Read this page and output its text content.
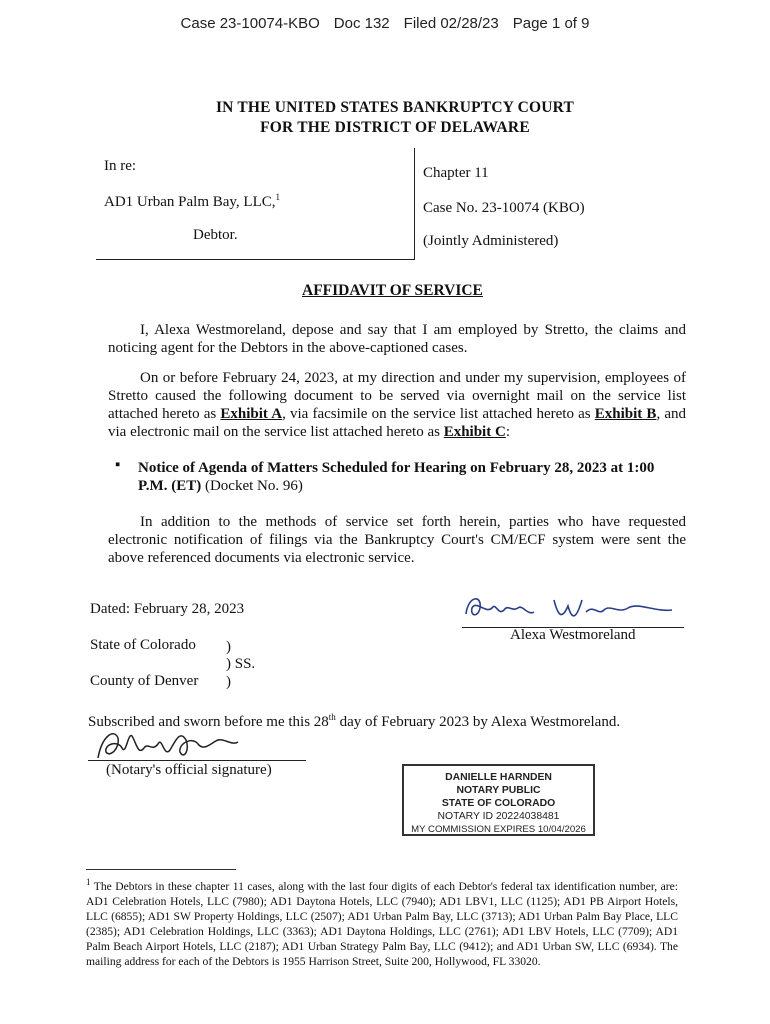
Case 23-10074-KBO Doc 132 Filed 02/28/23 Page 1 of 9
IN THE UNITED STATES BANKRUPTCY COURT
FOR THE DISTRICT OF DELAWARE
In re:
AD1 Urban Palm Bay, LLC,$^1$
Debtor.
Chapter 11
Case No. 23-10074 (KBO)
(Jointly Administered)
AFFIDAVIT OF SERVICE
I, Alexa Westmoreland, depose and say that I am employed by Stretto, the claims and noticing agent for the Debtors in the above-captioned cases.
On or before February 24, 2023, at my direction and under my supervision, employees of Stretto caused the following document to be served via overnight mail on the service list attached hereto as Exhibit A, via facsimile on the service list attached hereto as Exhibit B, and via electronic mail on the service list attached hereto as Exhibit C:
▪ Notice of Agenda of Matters Scheduled for Hearing on February 28, 2023 at 1:00 P.M. (ET) (Docket No. 96)
In addition to the methods of service set forth herein, parties who have requested electronic notification of filings via the Bankruptcy Court's CM/ECF system were sent the above referenced documents via electronic service.
Dated: February 28, 2023
Alexa Westmoreland
State of Colorado )
) SS.
County of Denver )
Subscribed and sworn before me this 28th day of February 2023 by Alexa Westmoreland.
(Notary's official signature)	DANIELLE HARNDEN
NOTARY PUBLIC
STATE OF COLORADO
NOTARY ID 20224038481
MY COMMISSION EXPIRES 10/04/2026
$^1$ The Debtors in these chapter 11 cases, along with the last four digits of each Debtor's federal tax identification number, are: AD1 Celebration Hotels, LLC (7980); AD1 Daytona Hotels, LLC (7940); AD1 LBV1, LLC (1125); AD1 PB Airport Hotels, LLC (6855); AD1 SW Property Holdings, LLC (2507); AD1 Urban Palm Bay, LLC (3713); AD1 Urban Palm Bay Place, LLC (2385); AD1 Celebration Holdings, LLC (3363); AD1 Daytona Holdings, LLC (2761); AD1 LBV Hotels, LLC (7709); AD1 Palm Beach Airport Hotels, LLC (2187); AD1 Urban Strategy Palm Bay, LLC (9412); and AD1 Urban SW, LLC (6934). The mailing address for each of the Debtors is 1955 Harrison Street, Suite 200, Hollywood, FL 33020.
